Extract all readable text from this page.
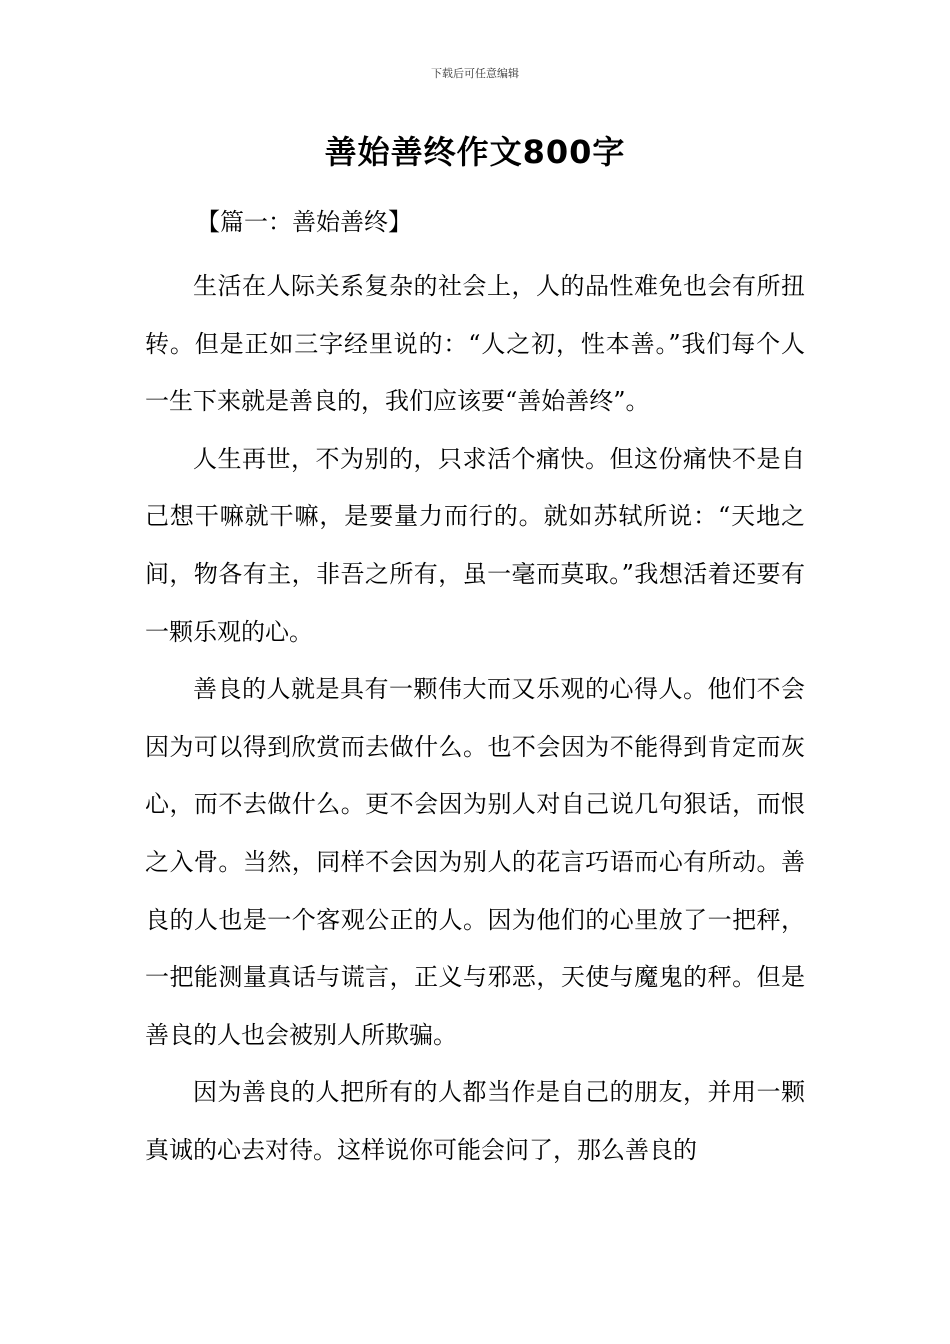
下载后可任意编辑
善始善终作文800字
【篇一：善始善终】

生活在人际关系复杂的社会上，人的品性难免也会有所扭转。但是正如三字经里说的：“人之初，性本善。”我们每个人一生下来就是善良的，我们应该要“善始善终”。

人生再世，不为别的，只求活个痛快。但这份痛快不是自己想干嘛就干嘛，是要量力而行的。就如苏轼所说：“天地之间，物各有主，非吾之所有，虽一毫而莫取。”我想活着还要有一颗乐观的心。

善良的人就是具有一颗伟大而又乐观的心得人。他们不会因为可以得到欣赏而去做什么。也不会因为不能得到肯定而灰心，而不去做什么。更不会因为别人对自己说几句狠话，而恨之入骨。当然，同样不会因为别人的花言巧语而心有所动。善良的人也是一个客观公正的人。因为他们的心里放了一把秤，一把能测量真话与谎言，正义与邪恶，天使与魔鬼的秤。但是善良的人也会被别人所欺骗。

因为善良的人把所有的人都当作是自己的朋友，并用一颗真诚的心去对待。这样说你可能会问了，那么善良的
